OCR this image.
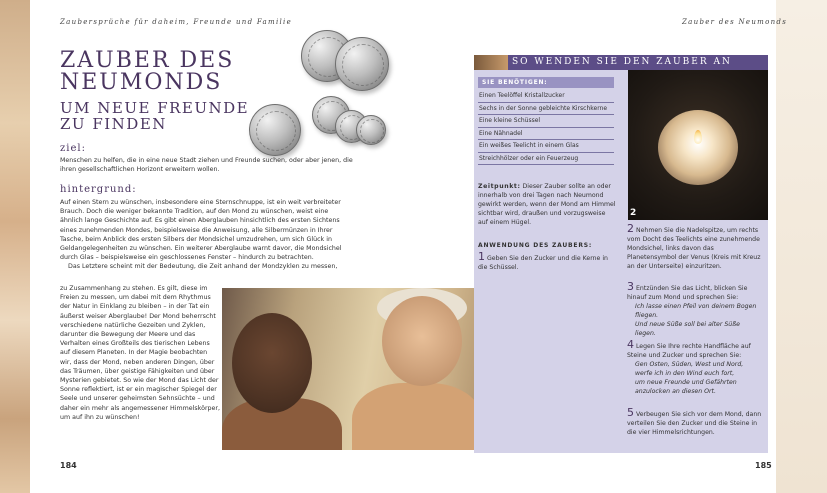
Zaubersprüche für daheim, Freunde und Familie	Zauber des Neumonds
ZAUBER DES NEUMONDS
UM NEUE FREUNDE ZU FINDEN
ziel:
Menschen zu helfen, die in eine neue Stadt ziehen und Freunde suchen, oder aber jenen, die ihren gesellschaftlichen Horizont erweitern wollen.
hintergrund:

Auf einen Stern zu wünschen, insbesondere eine Sternschnuppe, ist ein weit verbreiteter Brauch. Doch die weniger bekannte Tradition, auf den Mond zu wünschen, weist eine ähnlich lange Geschichte auf. Es gibt einen Aberglauben hinsichtlich des ersten Sichtens eines zunehmenden Mondes, beispielsweise die Anweisung, alle Silbermünzen in Ihrer Tasche, beim Anblick des ersten Silbers der Mondsichel umzudrehen, um sich Glück in Geldangelegenheiten zu wünschen. Ein weiterer Aberglaube warnt davor, die Mondsichel durch Glas – beispielsweise ein geschlossenes Fenster – hindurch zu betrachten.

Das Letztere scheint mit der Bedeutung, die Zeit anhand der Mondzyklen zu messen,

zu Zusammenhang zu stehen. Es gilt, diese im Freien zu messen, um dabei mit dem Rhythmus der Natur in Einklang zu bleiben – in der Tat ein äußerst weiser Aberglaube! Der Mond beherrscht verschiedene natürliche Gezeiten und Zyklen, darunter die Bewegung der Meere und das Verhalten eines Großteils des tierischen Lebens auf diesem Planeten. In der Magie beobachten wir, dass der Mond, neben anderen Dingen, über das Träumen, über geistige Fähigkeiten und über Mysterien gebietet. So wie der Mond das Licht der Sonne reflektiert, ist er ein magischer Spiegel der Seele und unserer geheimsten Sehnsüchte – und daher ein mehr als angemessener Himmelskörper, um auf ihn zu wünschen!

SO WENDEN SIE DEN ZAUBER AN
SIE BENÖTIGEN:
Einen Teelöffel Kristallzucker
Sechs in der Sonne gebleichte Kirschkerne
Eine kleine Schüssel
Eine Nähnadel
Ein weißes Teelicht in einem Glas
Streichhölzer oder ein Feuerzeug
2
Zeitpunkt: Dieser Zauber sollte an oder innerhalb von drei Tagen nach Neumond gewirkt werden, wenn der Mond am Himmel sichtbar wird, draußen und vorzugsweise auf einem Hügel.
ANWENDUNG DES ZAUBERS:
1 Geben Sie den Zucker und die Kerne in die Schüssel.
2 Nehmen Sie die Nadelspitze, um rechts vom Docht des Teelichts eine zunehmende Mondsichel, links davon das Planetensymbol der Venus (Kreis mit Kreuz an der Unterseite) einzuritzen.
3 Entzünden Sie das Licht, blicken Sie hinauf zum Mond und sprechen Sie:
Ich lasse einen Pfeil von deinem Bogen fliegen.
Und neue Süße soll bei alter Süße liegen.
4 Legen Sie Ihre rechte Handfläche auf Steine und Zucker und sprechen Sie:
Gen Osten, Süden, West und Nord,
werfe ich in den Wind euch fort,
um neue Freunde und Gefährten
anzulocken an diesen Ort.
5 Verbeugen Sie sich vor dem Mond, dann verteilen Sie den Zucker und die Steine in die vier Himmelsrichtungen.
184	185
